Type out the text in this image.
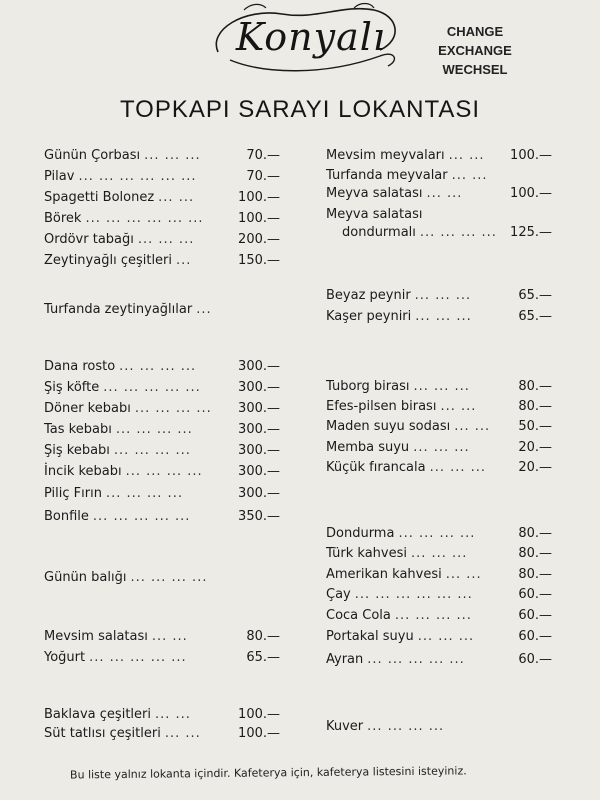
Konyalı	CHANGE
EXCHANGE
WECHSEL
TOPKAPI SARAYI LOKANTASI
Günün Çorbası ... ... ...	70.—
Pilav ... ... ... ... ... ...	70.—
Spagetti Bolonez ... ...	100.—
Börek ... ... ... ... ... ...	100.—
Ordövr tabağı ... ... ...	200.—
Zeytinyağlı çeşitleri ...	150.—
Turfanda zeytinyağlılar ...
Dana rosto ... ... ... ...	300.—
Şiş köfte ... ... ... ... ...	300.—
Döner kebabı ... ... ... ...	300.—
Tas kebabı ... ... ... ...	300.—
Şiş kebabı ... ... ... ...	300.—
İncik kebabı ... ... ... ...	300.—
Piliç Fırın ... ... ... ...	300.—
Bonfile ... ... ... ... ...	350.—
Günün balığı ... ... ... ...
Mevsim salatası ... ...	80.—
Yoğurt ... ... ... ... ...	65.—
Baklava çeşitleri ... ...	100.—
Süt tatlısı çeşitleri ... ...	100.—
Mevsim meyvaları ... ...	100.—
Turfanda meyvalar ... ...
Meyva salatası ... ...	100.—
Meyva salatası
dondurmalı ... ... ... ...	125.—
Beyaz peynir ... ... ...	65.—
Kaşer peyniri ... ... ...	65.—
Tuborg birası ... ... ...	80.—
Efes-pilsen birası ... ...	80.—
Maden suyu sodası ... ...	50.—
Memba suyu ... ... ...	20.—
Küçük fırancala ... ... ...	20.—
Dondurma ... ... ... ...	80.—
Türk kahvesi ... ... ...	80.—
Amerikan kahvesi ... ...	80.—
Çay ... ... ... ... ... ...	60.—
Coca Cola ... ... ... ...	60.—
Portakal suyu ... ... ...	60.—
Ayran ... ... ... ... ...	60.—
Kuver ... ... ... ...
Bu liste yalnız lokanta içindir. Kafeterya için, kafeterya listesini isteyiniz.
